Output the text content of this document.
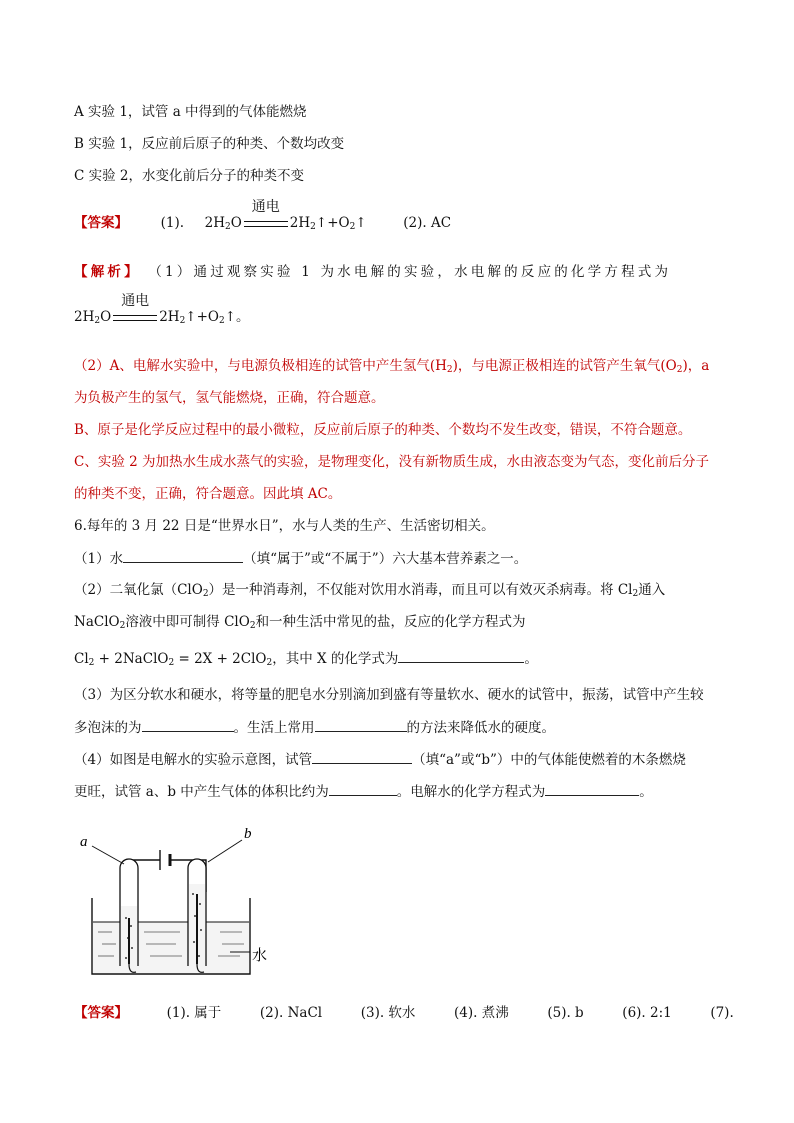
A 实验 1，试管 a 中得到的气体能燃烧
B 实验 1，反应前后原子的种类、个数均改变
C 实验 2，水变化前后分子的种类不变
【答案】 (1). $2H_2O$
通电
$2H_2↑+O_2↑$	(2). AC
【解析】 （1）通过观察实验 1 为水电解的实验，水电解的反应的化学方程式为
$2H_2O$
通电
$2H_2↑+O_2↑$。
（2）A、电解水实验中，与电源负极相连的试管中产生氢气$(H_2)$，与电源正极相连的试管产生氧气$(O_2)$，a
为负极产生的氢气，氢气能燃烧，正确，符合题意。
B、原子是化学反应过程中的最小微粒，反应前后原子的种类、个数均不发生改变，错误，不符合题意。
C、实验 2 为加热水生成水蒸气的实验，是物理变化，没有新物质生成，水由液态变为气态，变化前后分子
的种类不变，正确，符合题意。因此填 AC。
6.每年的 3 月 22 日是“世界水日”，水与人类的生产、生活密切相关。
（1）水	（填“属于”或“不属于”）六大基本营养素之一。
（2）二氧化氯（ClO$_2$）是一种消毒剂，不仅能对饮用水消毒，而且可以有效灭杀病毒。将 $Cl_2$通入
NaClO$_2$溶液中即可制得 ClO$_2$和一种生活中常见的盐，反应的化学方程式为
$Cl_2$ + 2NaClO$_2$ = 2X + 2ClO$_2$，其中 X 的化学式为	。
（3）为区分软水和硬水，将等量的肥皂水分别滴加到盛有等量软水、硬水的试管中，振荡，试管中产生较
多泡沫的为	。生活上常用	的方法来降低水的硬度。
（4）如图是电解水的实验示意图，试管	（填“a”或“b”）中的气体能使燃着的木条燃烧
更旺，试管 a、b 中产生气体的体积比约为	。电解水的化学方程式为	。
a	b
水
【答案】	(1). 属于	(2). NaCl	(3). 软水	(4). 煮沸	(5). b	(6). 2:1	(7).
